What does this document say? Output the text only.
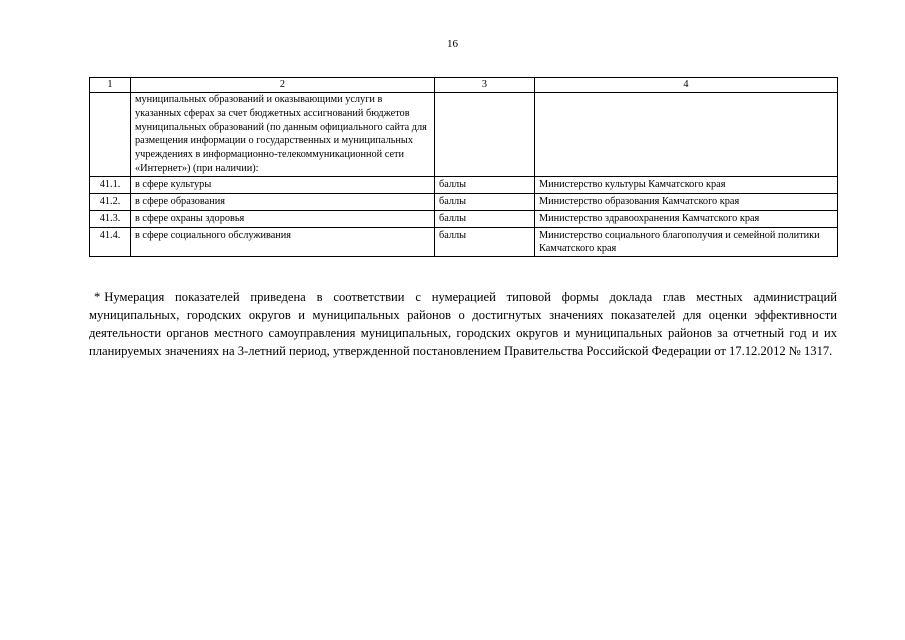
16
1	2	3	4
	муниципальных образований и оказывающими услуги в указанных сферах за счет бюджетных ассигнований бюджетов муниципальных образований (по данным официального сайта для размещения информации о государственных и муниципальных учреждениях в информационно-телекоммуникационной сети «Интернет») (при наличии):		
41.1.	в сфере культуры	баллы	Министерство культуры Камчатского края
41.2.	в сфере образования	баллы	Министерство образования Камчатского края
41.3.	в сфере охраны здоровья	баллы	Министерство здравоохранения Камчатского края
41.4.	в сфере социального обслуживания	баллы	Министерство социального благополучия и семейной политики Камчатского края
* Нумерация показателей приведена в соответствии с нумерацией типовой формы доклада глав местных администраций муниципальных, городских округов и муниципальных районов о достигнутых значениях показателей для оценки эффективности деятельности органов местного самоуправления муниципальных, городских округов и муниципальных районов за отчетный год и их планируемых значениях на 3-летний период, утвержденной постановлением Правительства Российской Федерации от 17.12.2012 № 1317.
